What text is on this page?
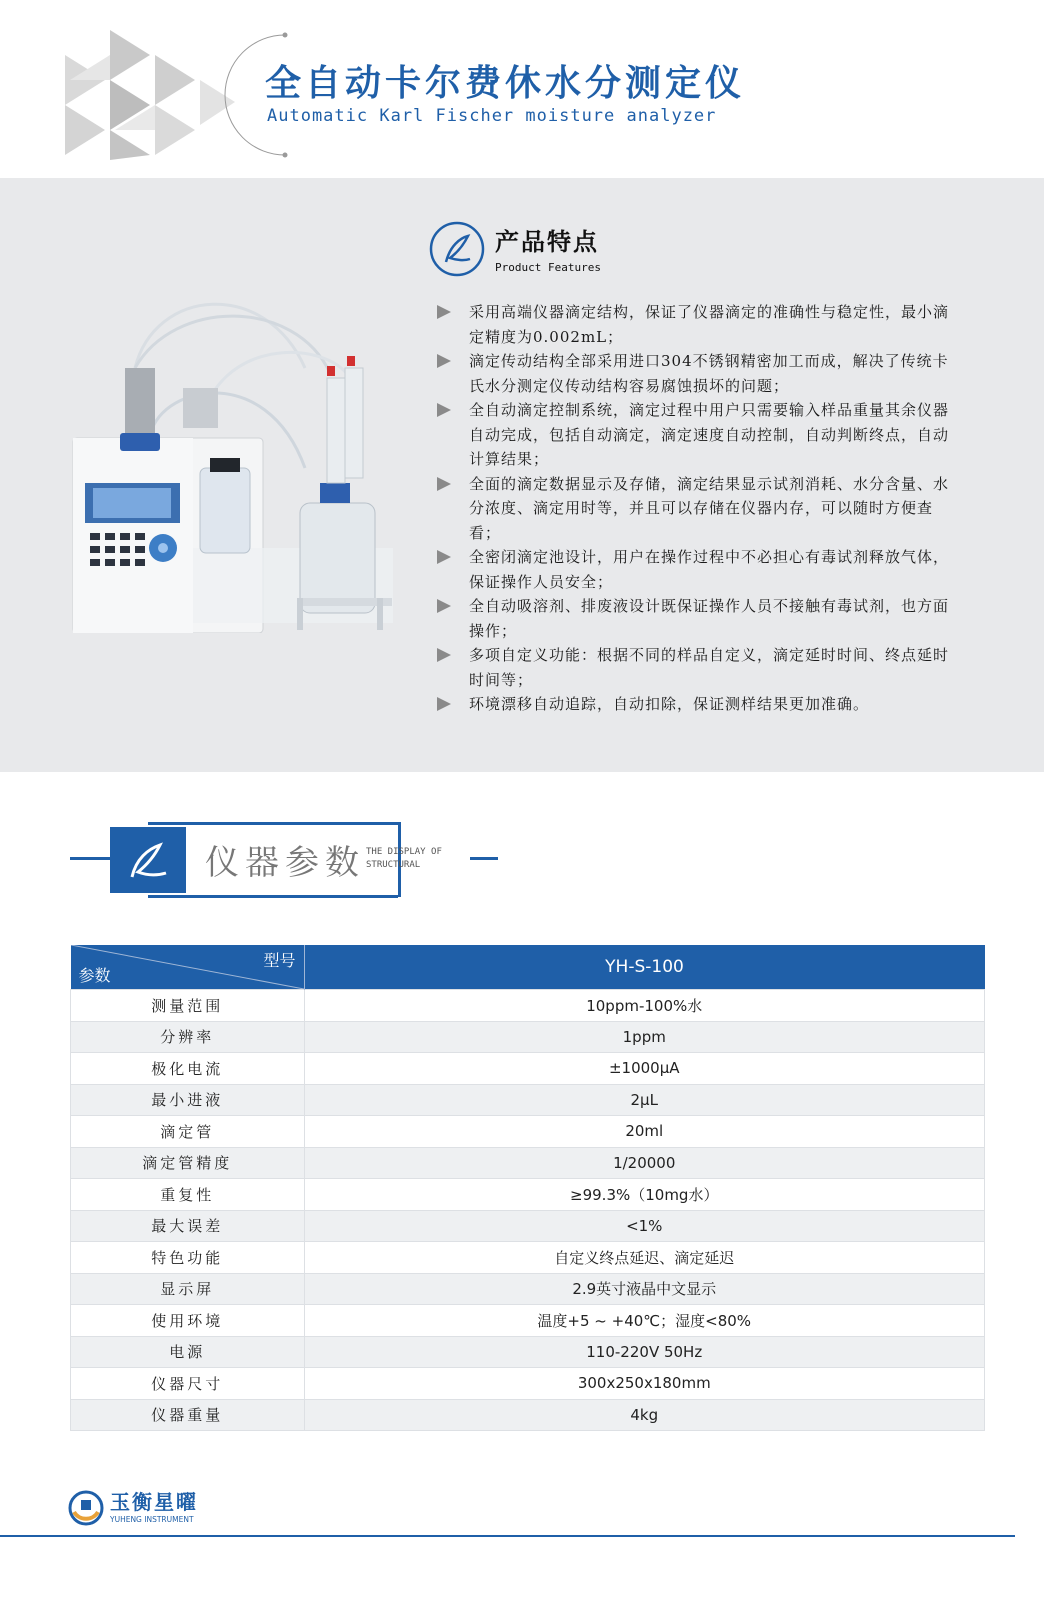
全自动卡尔费休水分测定仪
Automatic Karl Fischer moisture analyzer
产品特点
Product Features
采用高端仪器滴定结构，保证了仪器滴定的准确性与稳定性，最小滴定精度为0.002mL；
滴定传动结构全部采用进口304不锈钢精密加工而成，解决了传统卡氏水分测定仪传动结构容易腐蚀损坏的问题；
全自动滴定控制系统，滴定过程中用户只需要输入样品重量其余仪器自动完成，包括自动滴定，滴定速度自动控制，自动判断终点，自动计算结果；
全面的滴定数据显示及存储，滴定结果显示试剂消耗、水分含量、水分浓度、滴定用时等，并且可以存储在仪器内存，可以随时方便查看；
全密闭滴定池设计，用户在操作过程中不必担心有毒试剂释放气体，保证操作人员安全；
全自动吸溶剂、排废液设计既保证操作人员不接触有毒试剂，也方面操作；
多项自定义功能：根据不同的样品自定义，滴定延时时间、终点延时时间等；
环境漂移自动追踪，自动扣除，保证测样结果更加准确。
仪器参数 THE DISPLAY OF
STRUCTURAL
型号
参数	YH-S-100
测量范围	10ppm-100%水
分辨率	1ppm
极化电流	±1000μA
最小进液	2μL
滴定管	20ml
滴定管精度	1/20000
重复性	≥99.3%（10mg水）
最大误差	<1%
特色功能	自定义终点延迟、滴定延迟
显示屏	2.9英寸液晶中文显示
使用环境	温度+5 ~ +40℃；湿度<80%
电源	110-220V 50Hz
仪器尺寸	300x250x180mm
仪器重量	4kg
玉衡星曜
YUHENG INSTRUMENT
